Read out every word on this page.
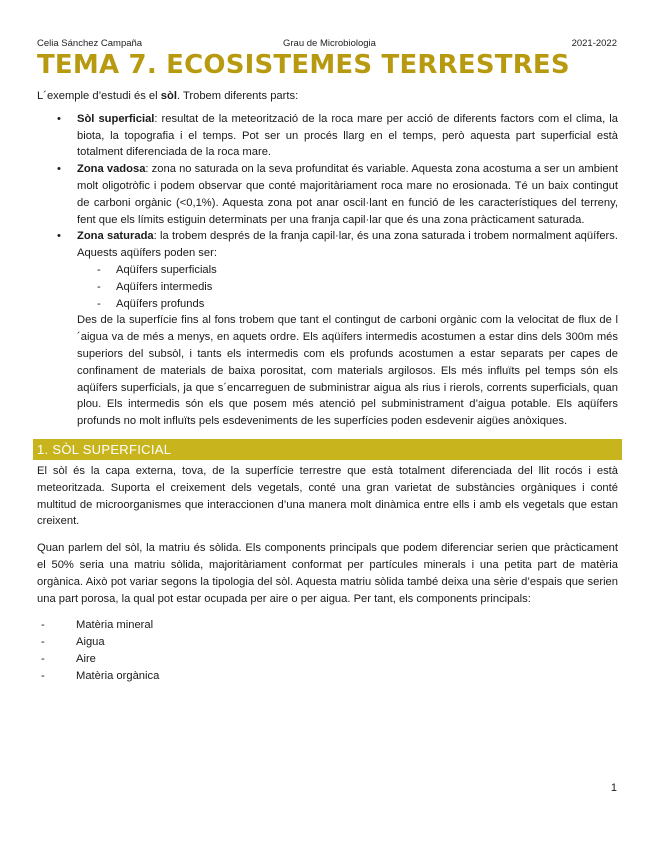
Celia Sánchez Campaña	Grau de Microbiologia	2021-2022
TEMA 7. ECOSISTEMES TERRESTRES

L´exemple d’estudi és el sòl. Trobem diferents parts:

• Sòl superficial: resultat de la meteorització de la roca mare per acció de diferents factors com el clima, la biota, la topografia i el temps. Pot ser un procés llarg en el temps, però aquesta part superficial està totalment diferenciada de la roca mare.
• Zona vadosa: zona no saturada on la seva profunditat és variable. Aquesta zona acostuma a ser un ambient molt oligotròfic i podem observar que conté majoritàriament roca mare no erosionada. Té un baix contingut de carboni orgànic (<0,1%). Aquesta zona pot anar oscil·lant en funció de les característiques del terreny, fent que els límits estiguin determinats per una franja capil·lar que és una zona pràcticament saturada.
• Zona saturada: la trobem després de la franja capil·lar, és una zona saturada i trobem normalment aqüífers. Aquests aqüífers poden ser:
- Aqüífers superficials
- Aqüífers intermedis
- Aqüífers profunds

Des de la superfície fins al fons trobem que tant el contingut de carboni orgànic com la velocitat de flux de l´aigua va de més a menys, en aquets ordre. Els aqüífers intermedis acostumen a estar dins dels 300m més superiors del subsòl, i tants els intermedis com els profunds acostumen a estar separats per capes de confinament de materials de baixa porositat, com materials argilosos. Els més influïts pel temps són els aqüífers superficials, ja que s´encarreguen de subministrar aigua als rius i rierols, corrents superficials, quan plou. Els intermedis són els que posem més atenció pel subministrament d’aigua potable. Els aqüífers profunds no molt influïts pels esdeveniments de les superfícies poden esdevenir aigües anòxiques.

1. SÒL SUPERFICIAL

El sòl és la capa externa, tova, de la superfície terrestre que està totalment diferenciada del llit rocós i està meteoritzada. Suporta el creixement dels vegetals, conté una gran varietat de substàncies orgàniques i conté multitud de microorganismes que interaccionen d’una manera molt dinàmica entre ells i amb els vegetals que estan creixent.

Quan parlem del sòl, la matriu és sòlida. Els components principals que podem diferenciar serien que pràcticament el 50% seria una matriu sòlida, majoritàriament conformat per partícules minerals i una petita part de matèria orgànica. Això pot variar segons la tipologia del sòl. Aquesta matriu sòlida també deixa una sèrie d’espais que serien una part porosa, la qual pot estar ocupada per aire o per aigua. Per tant, els components principals:

- Matèria mineral
- Aigua
- Aire
- Matèria orgànica
1
